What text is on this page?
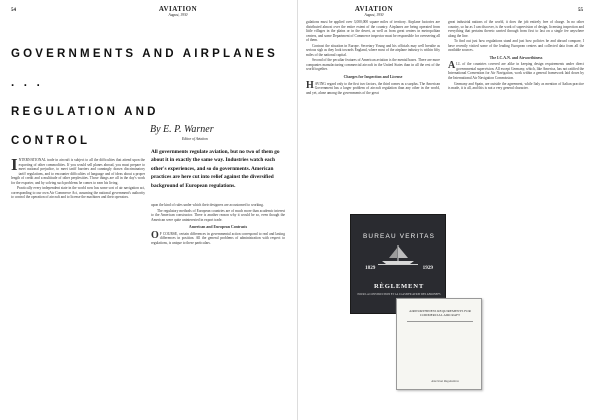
54	AVIATION
August, 1930
GOVERNMENTS AND AIRPLANES . . .
REGULATION AND
CONTROL
By E. P. Warner
Editor of Aviation
All governments regulate aviation, but no two of them go about it in exactly the same way. Industries watch each other's experiences, and so do governments. American practices are here cut into relief against the diversified background of European regulations.

INTERNATIONAL trade in aircraft is subject to all the difficulties that attend upon the exporting of other commodities. If you would sell planes abroad, you must prepare to meet national prejudice, to meet tariff barriers and cunningly drawn discriminatory tariff regulations, and to encounter difficulties of language and of ideas about a proper length of credit and a multitude of other perplexities. Those things are all in the day's work for the exporter, and by solving such problems he comes to earn his living.

Practically every independent state in the world now has some sort of air navigation act, corresponding to our own Air Commerce Act, assuming the national government's authority to control the operation of aircraft and to license the machines and their operators.

upon the kind of rules under which their designers are accustomed to working.

The regulatory methods of European countries are of much more than academic interest to the American constructor. There is another reason why it would be so, even though the American were quite uninterested in export trade.

American and European Contrasts

O F COURSE, certain differences in governmental action correspond to real and lasting differences in position. All the general problems of administration with respect to regulations, is unique to these particulars.

55
AVIATION
August, 1930

gulations must be applied over 3,000,000 square miles of territory. Airplane factories are distributed almost over the entire extent of the country. Airplanes are being operated from little villages in the plains or in the desert, as well as from great centers in metropolitan centers, and some Department of Commerce inspector must be responsible for overseeing all of them.

Contrast the situation in Europe. Secretary Young and his officials may well breathe as serious sigh as they look towards England, where most of the airplane industry is within fifty miles of the national capital.

Second of the peculiar features of American aviation is the mental bases. There are more companies manufacturing commercial aircraft in the United States than in all the rest of the world together.

Charges for Inspection and License

HAVING regard only to the first two factors, the third comes as a surplus. The American Government has a larger problem of aircraft regulation than any other in the world, and yet, alone among the governments of the great

great industrial nations of the world, it does the job entirely free of charge. In no other country, so far as I can discover, is the work of supervision of design, licensing inspection and everything that pertains thereto carried through from first to last on a single fee anywhere along the line.

To find out just how regulations stand and just how policies be and abroad compare, I have recently visited some of the leading European centers and collected data from all the available sources.

The I.C.A.N. and Airworthiness

ALL of the countries covered are alike in keeping design requirements under direct governmental supervision. All except Germany, which, like America, has not ratified the International Convention for Air Navigation, work within a general framework laid down by the International Air Navigation Commission.

Germany and Spain, are outside the agreement, while Italy as mention of Italian practice is made, it is all, and this is not a very general character.

BUREAU VERITAS
1829	1929
RÈGLEMENT
POUR LA CONSTRUCTION ET LA CLASSIFICATION DES AERONEFS
AIRWORTHINESS REQUIREMENTS FOR COMMERCIAL AIRCRAFT
American Regulations
